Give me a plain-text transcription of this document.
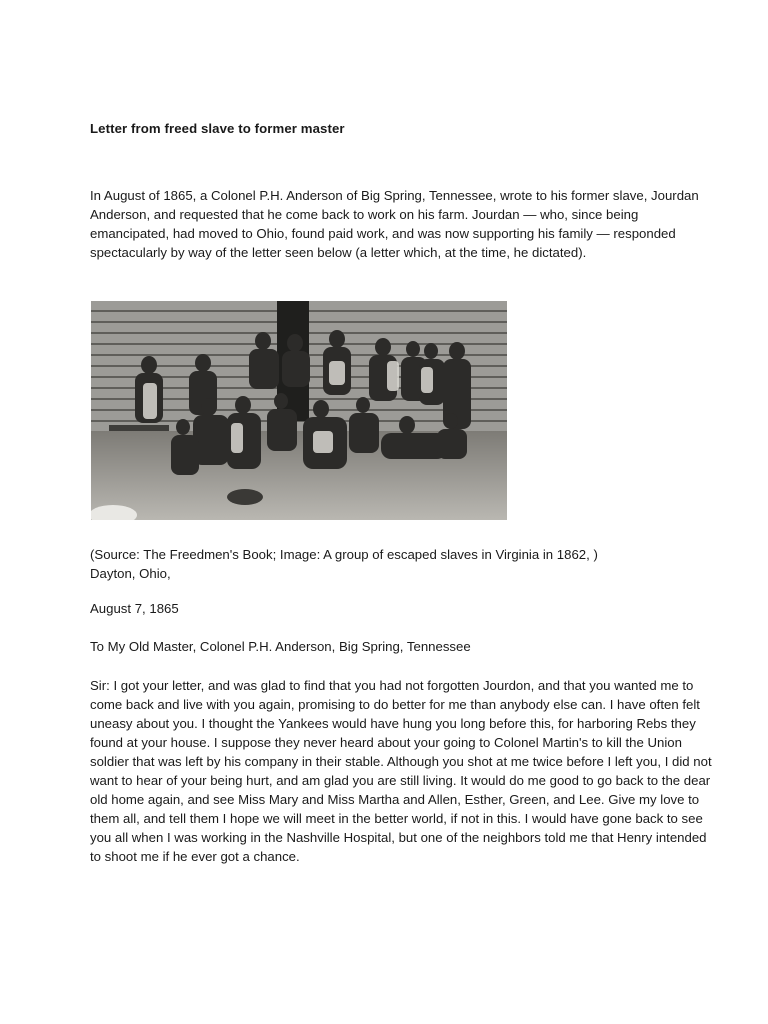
Letter from freed slave to former master

In August of 1865, a Colonel P.H. Anderson of Big Spring, Tennessee, wrote to his former slave, Jourdan Anderson, and requested that he come back to work on his farm. Jourdan — who, since being emancipated, had moved to Ohio, found paid work, and was now supporting his family — responded spectacularly by way of the letter seen below (a letter which, at the time, he dictated).

(Source: The Freedmen's Book; Image: A group of escaped slaves in Virginia in 1862, )
Dayton, Ohio,
August 7, 1865
To My Old Master, Colonel P.H. Anderson, Big Spring, Tennessee

Sir: I got your letter, and was glad to find that you had not forgotten Jourdon, and that you wanted me to come back and live with you again, promising to do better for me than anybody else can. I have often felt uneasy about you. I thought the Yankees would have hung you long before this, for harboring Rebs they found at your house. I suppose they never heard about your going to Colonel Martin's to kill the Union soldier that was left by his company in their stable. Although you shot at me twice before I left you, I did not want to hear of your being hurt, and am glad you are still living. It would do me good to go back to the dear old home again, and see Miss Mary and Miss Martha and Allen, Esther, Green, and Lee. Give my love to them all, and tell them I hope we will meet in the better world, if not in this. I would have gone back to see you all when I was working in the Nashville Hospital, but one of the neighbors told me that Henry intended to shoot me if he ever got a chance.
